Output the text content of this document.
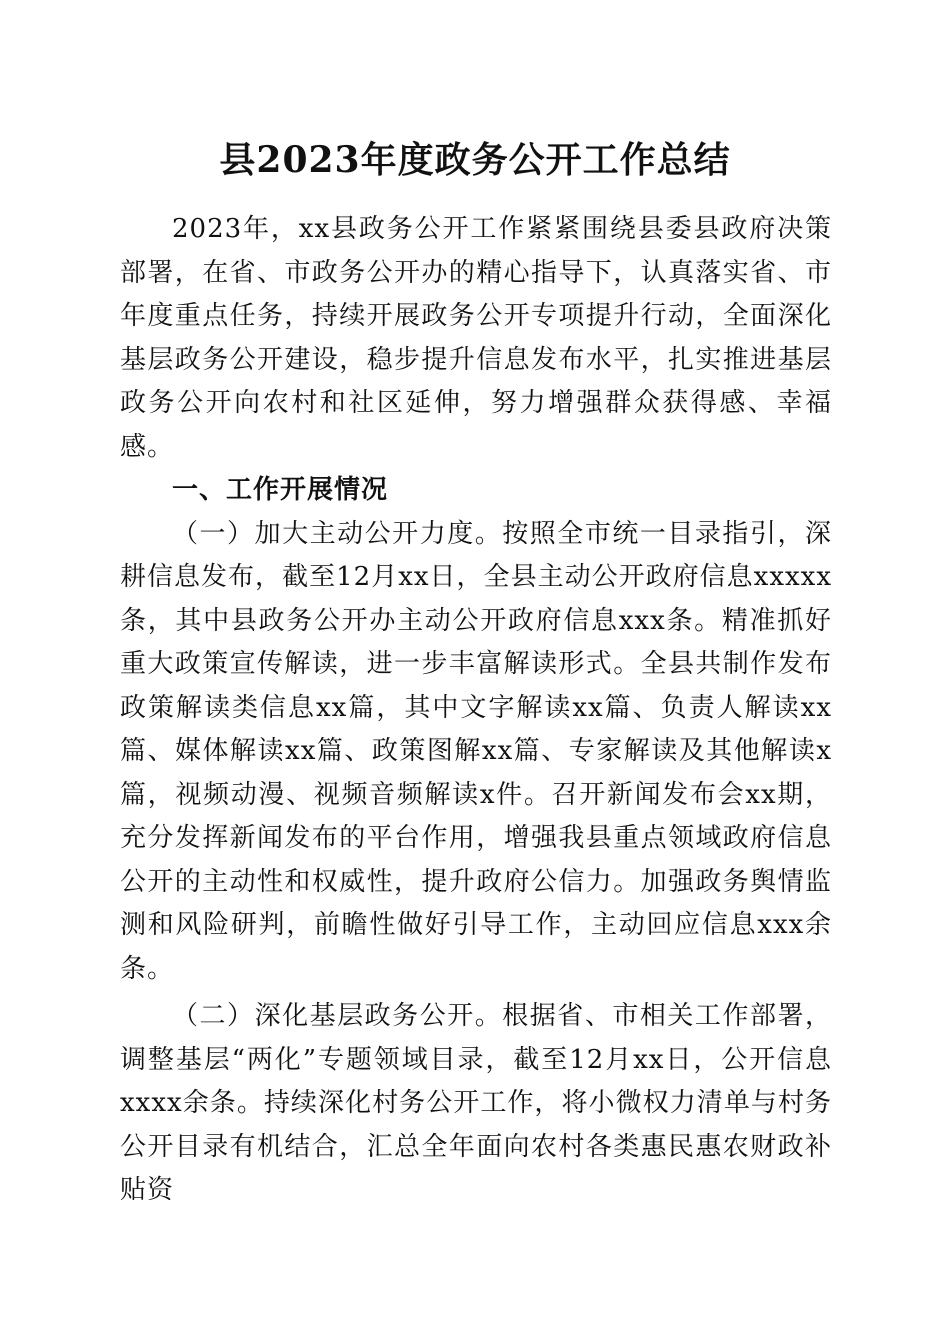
县2023年度政务公开工作总结

2023年，xx县政务公开工作紧紧围绕县委县政府决策部署，在省、市政务公开办的精心指导下，认真落实省、市年度重点任务，持续开展政务公开专项提升行动，全面深化基层政务公开建设，稳步提升信息发布水平，扎实推进基层政务公开向农村和社区延伸，努力增强群众获得感、幸福感。

一、工作开展情况

（一）加大主动公开力度。按照全市统一目录指引，深耕信息发布，截至12月xx日，全县主动公开政府信息xxxxx条，其中县政务公开办主动公开政府信息xxx条。精准抓好重大政策宣传解读，进一步丰富解读形式。全县共制作发布政策解读类信息xx篇，其中文字解读xx篇、负责人解读xx篇、媒体解读xx篇、政策图解xx篇、专家解读及其他解读x篇，视频动漫、视频音频解读x件。召开新闻发布会xx期，充分发挥新闻发布的平台作用，增强我县重点领域政府信息公开的主动性和权威性，提升政府公信力。加强政务舆情监测和风险研判，前瞻性做好引导工作，主动回应信息xxx余条。

（二）深化基层政务公开。根据省、市相关工作部署，调整基层“两化”专题领域目录，截至12月xx日，公开信息xxxx余条。持续深化村务公开工作，将小微权力清单与村务公开目录有机结合，汇总全年面向农村各类惠民惠农财政补贴资
